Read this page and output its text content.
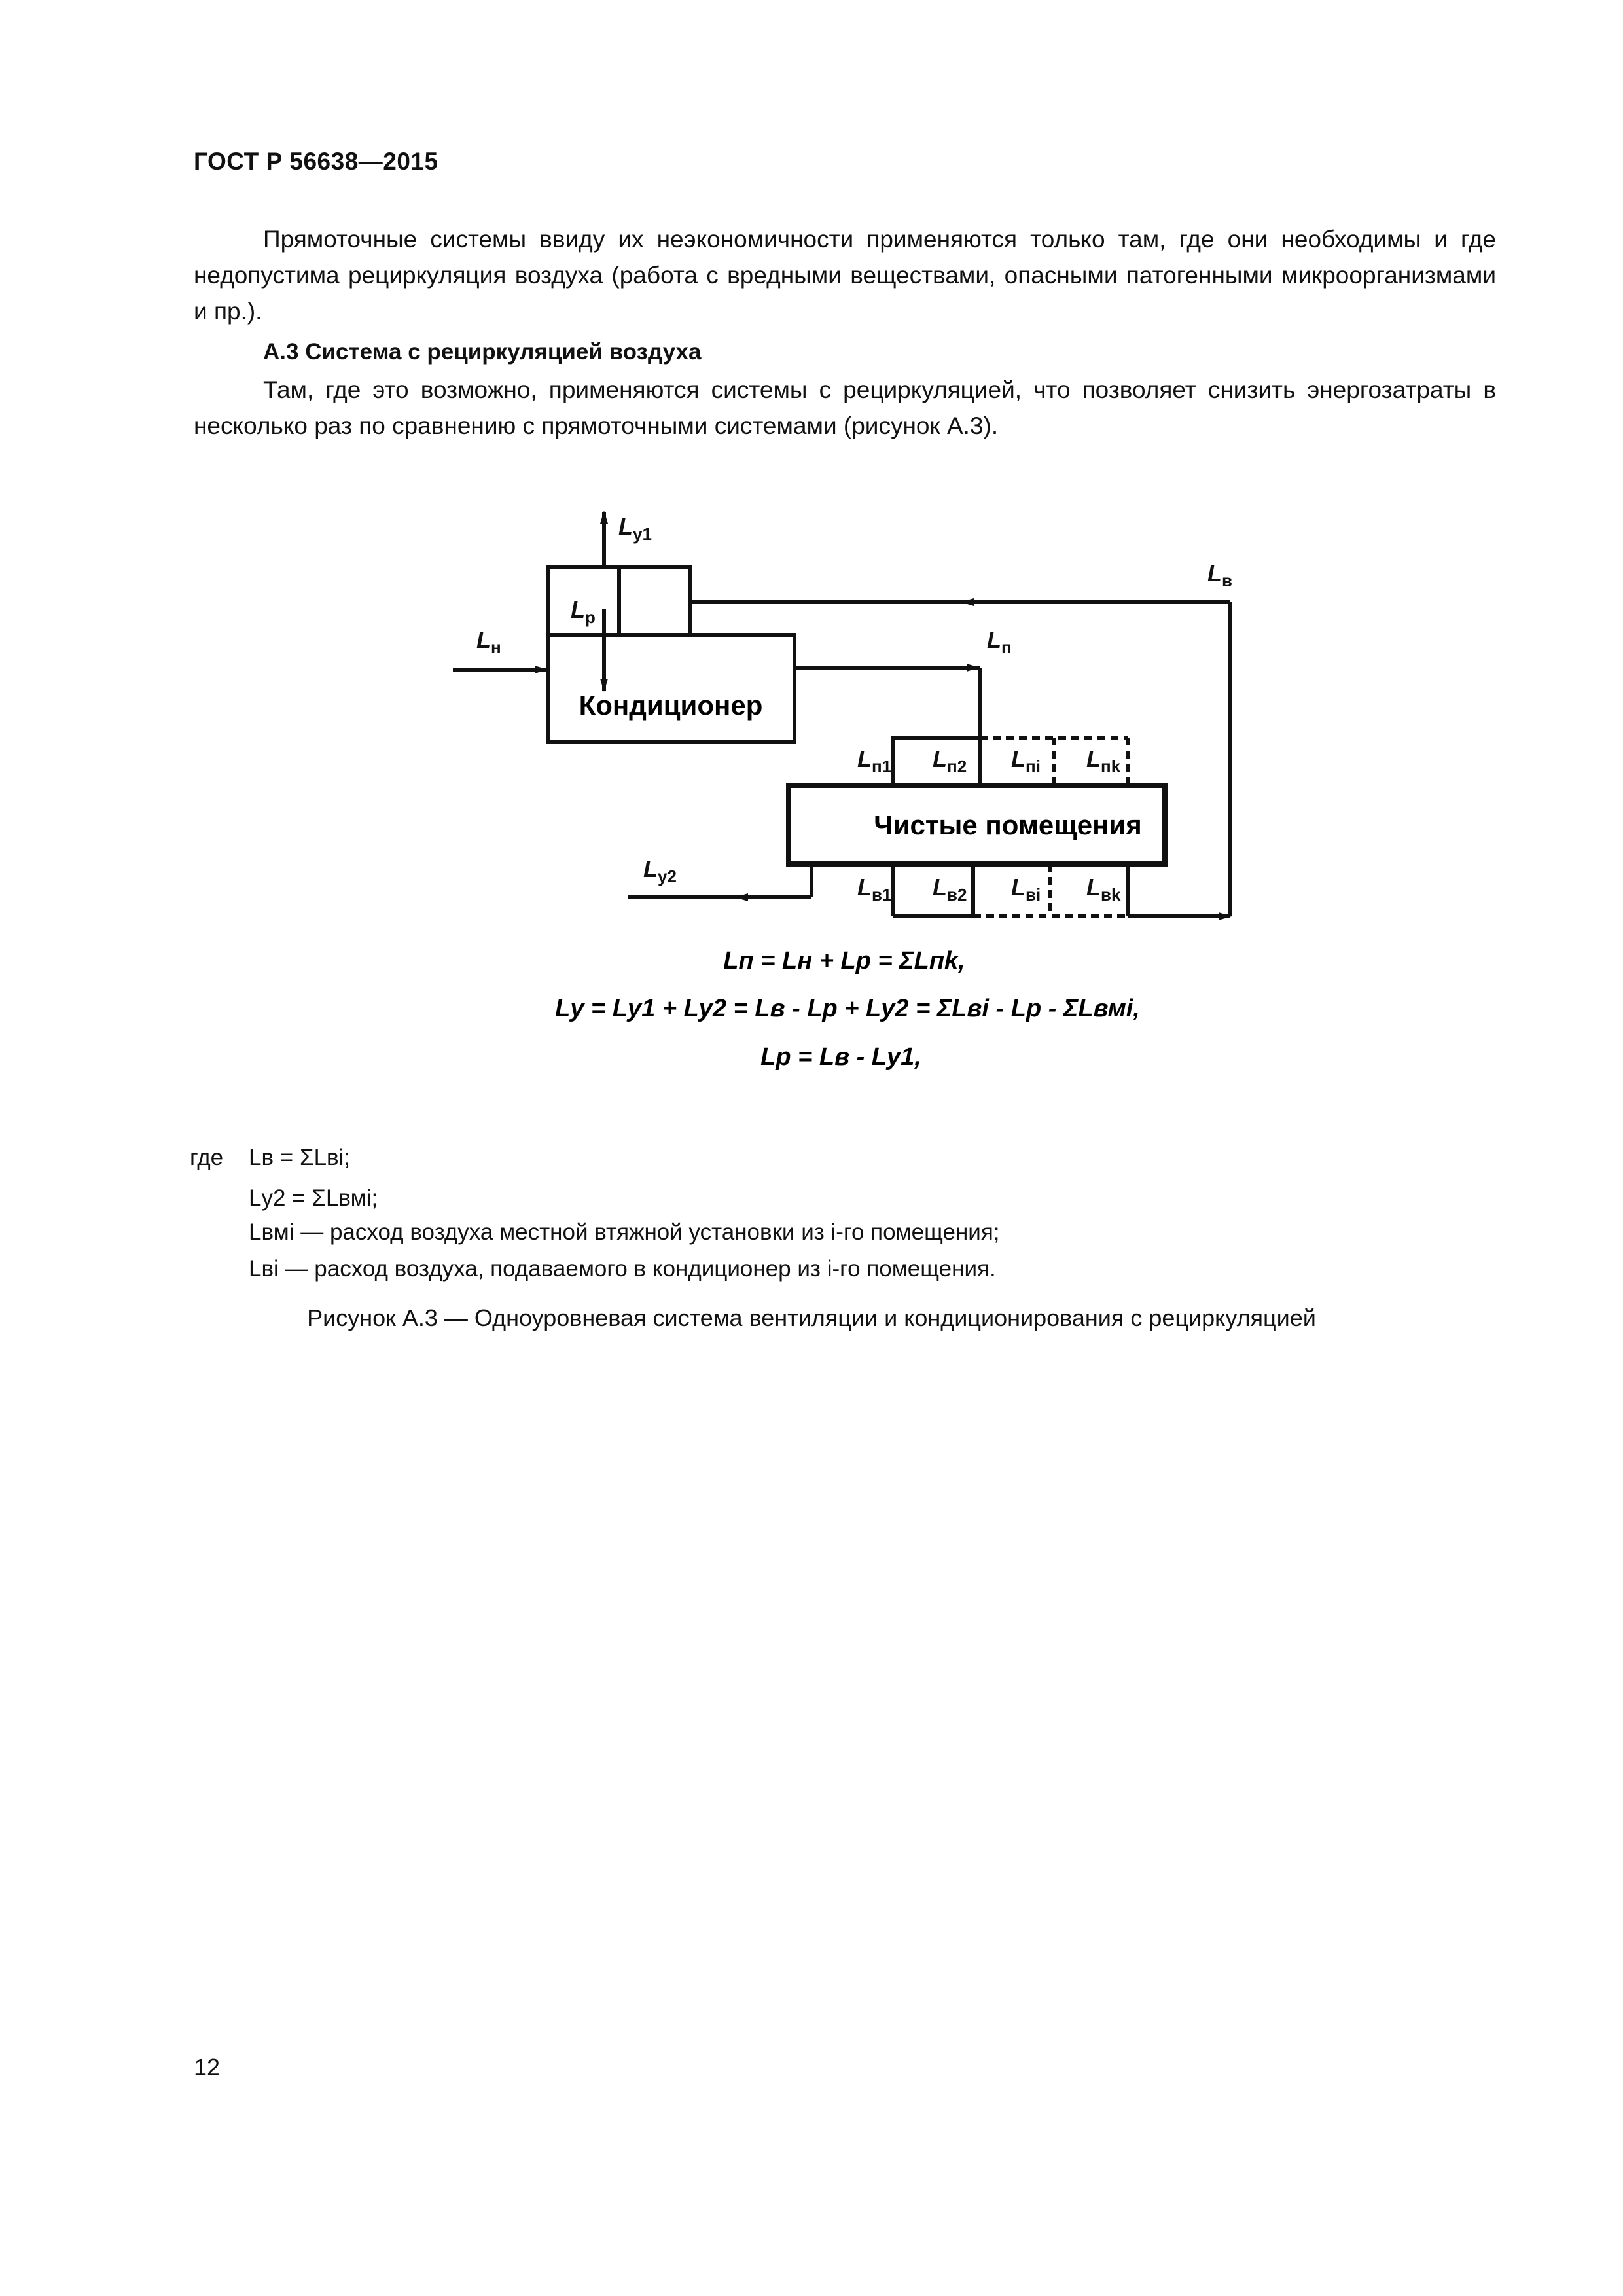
ГОСТ Р 56638—2015

Прямоточные системы ввиду их неэкономичности применяются только там, где они необходимы и где недопустима рециркуляция воздуха (работа с вредными веществами, опасными патогенными микроорганизмами и пр.).

А.3 Система с рециркуляцией воздуха

Там, где это возможно, применяются системы с рециркуляцией, что позволяет снизить энергозатраты в несколько раз по сравнению с прямоточными системами (рисунок А.3).

Кондиционер
Чистые помещения
Lу1
Lв
Lр
Lн	Lп
Lу2
Lп1 Lп2 Lпi Lпk
Lв1 Lв2 Lвi Lвk
Lп = Lн + Lр = ΣLпk,
Lу = Lу1 + Lу2 = Lв - Lр + Lу2 = ΣLвi - Lр - ΣLвмi,
Lр = Lв - Lу1,
где	Lв = ΣLвi;
Lу2 = ΣLвмi;
Lвмi — расход воздуха местной втяжной установки из i-го помещения;
Lвi — расход воздуха, подаваемого в кондиционер из i-го помещения.
Рисунок А.3 — Одноуровневая система вентиляции и кондиционирования с рециркуляцией
12
